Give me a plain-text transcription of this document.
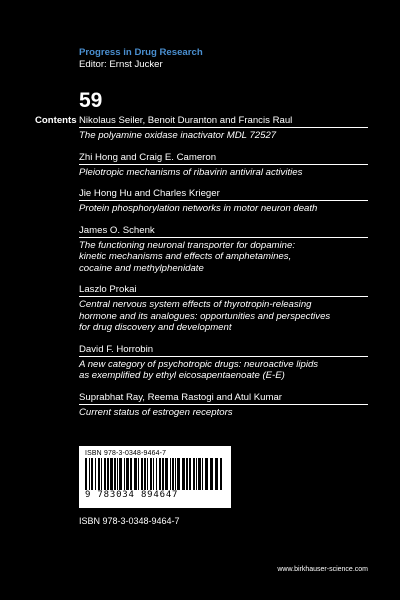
Progress in Drug Research
Editor: Ernst Jucker
59
Contents Nikolaus Seiler, Benoit Duranton and Francis Raul
The polyamine oxidase inactivator MDL 72527
Zhi Hong and Craig E. Cameron
Pleiotropic mechanisms of ribavirin antiviral activities
Jie Hong Hu and Charles Krieger
Protein phosphorylation networks in motor neuron death
James O. Schenk
The functioning neuronal transporter for dopamine:
kinetic mechanisms and effects of amphetamines,
cocaine and methylphenidate
Laszlo Prokai
Central nervous system effects of thyrotropin-releasing
hormone and its analogues: opportunities and perspectives
for drug discovery and development
David F. Horrobin
A new category of psychotropic drugs: neuroactive lipids
as exemplified by ethyl eicosapentaenoate (E-E)
Suprabhat Ray, Reema Rastogi and Atul Kumar
Current status of estrogen receptors
ISBN 978-3-0348-9464-7
9 783034 894647
ISBN 978-3-0348-9464-7
www.birkhauser-science.com
